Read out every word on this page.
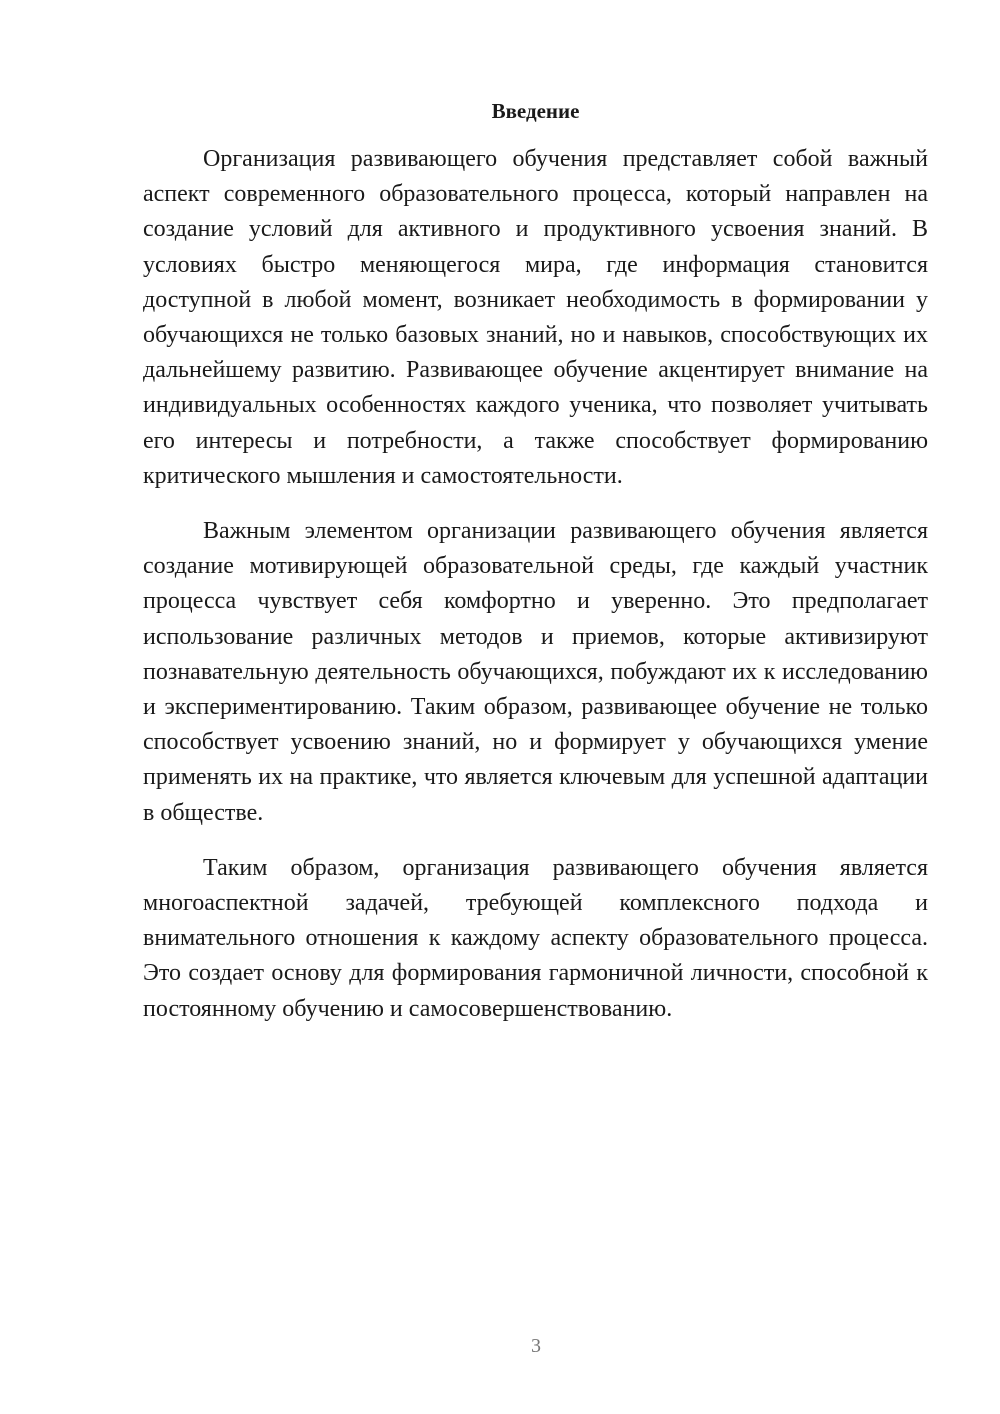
Введение

Организация развивающего обучения представляет собой важный аспект современного образовательного процесса, который направлен на создание условий для активного и продуктивного усвоения знаний. В условиях быстро меняющегося мира, где информация становится доступной в любой момент, возникает необходимость в формировании у обучающихся не только базовых знаний, но и навыков, способствующих их дальнейшему развитию. Развивающее обучение акцентирует внимание на индивидуальных особенностях каждого ученика, что позволяет учитывать его интересы и потребности, а также способствует формированию критического мышления и самостоятельности.

Важным элементом организации развивающего обучения является создание мотивирующей образовательной среды, где каждый участник процесса чувствует себя комфортно и уверенно. Это предполагает использование различных методов и приемов, которые активизируют познавательную деятельность обучающихся, побуждают их к исследованию и экспериментированию. Таким образом, развивающее обучение не только способствует усвоению знаний, но и формирует у обучающихся умение применять их на практике, что является ключевым для успешной адаптации в обществе.

Таким образом, организация развивающего обучения является многоаспектной задачей, требующей комплексного подхода и внимательного отношения к каждому аспекту образовательного процесса. Это создает основу для формирования гармоничной личности, способной к постоянному обучению и самосовершенствованию.

3
